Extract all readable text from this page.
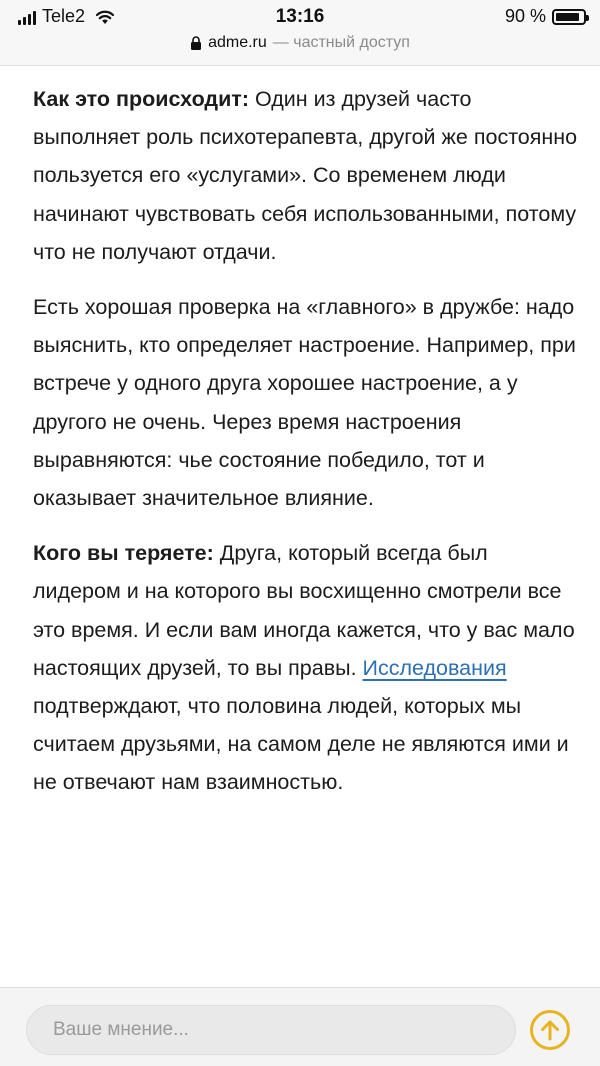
Tele2	13:16	90 %
adme.ru — частный доступ

Как это происходит: Один из друзей часто выполняет роль психотерапевта, другой же постоянно пользуется его «услугами». Со временем люди начинают чувствовать себя использованными, потому что не получают отдачи.

Есть хорошая проверка на «главного» в дружбе: надо выяснить, кто определяет настроение. Например, при встрече у одного друга хорошее настроение, а у другого не очень. Через время настроения выравняются: чье состояние победило, тот и оказывает значительное влияние.

Кого вы теряете: Друга, который всегда был лидером и на которого вы восхищенно смотрели все это время. И если вам иногда кажется, что у вас мало настоящих друзей, то вы правы. Исследования подтверждают, что половина людей, которых мы считаем друзьями, на самом деле не являются ими и не отвечают нам взаимностью.

Ваше мнение...
